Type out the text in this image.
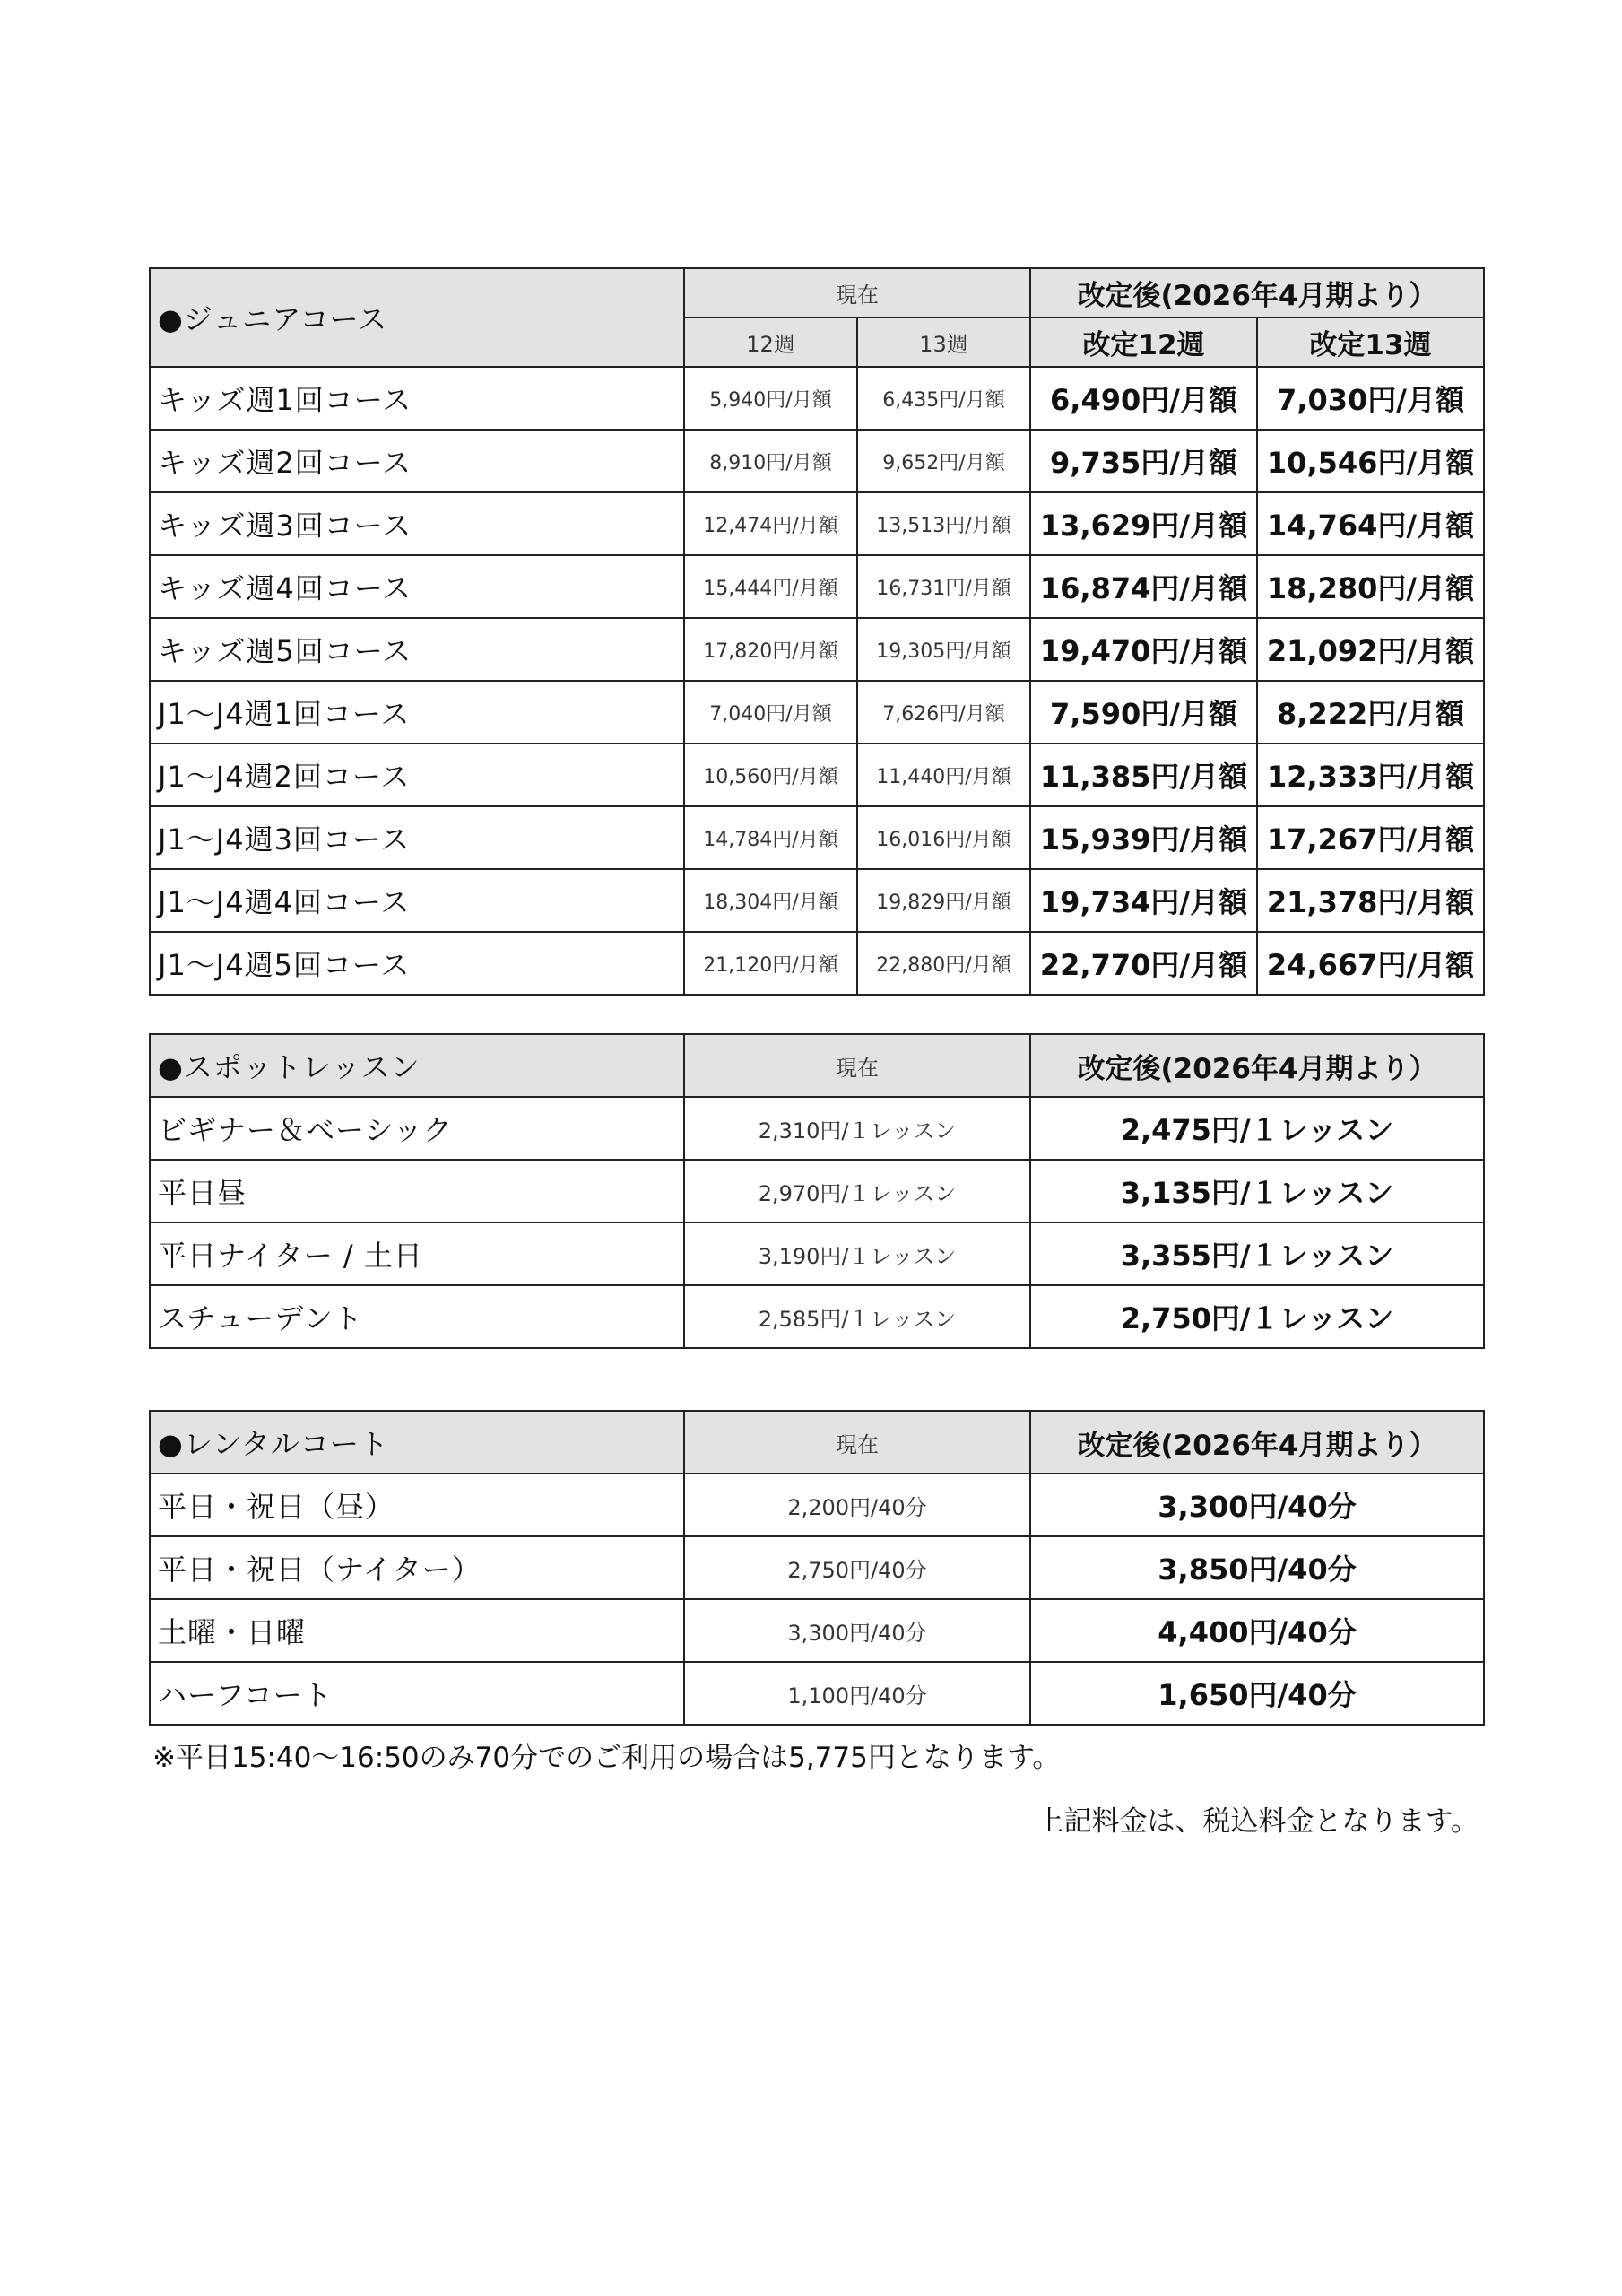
●ジュニアコース	現在		改定後(2026年4月期より）	
	12週	13週	改定12週	改定13週
キッズ週1回コース	5,940円/月額	6,435円/月額	6,490円/月額	7,030円/月額
キッズ週2回コース	8,910円/月額	9,652円/月額	9,735円/月額	10,546円/月額
キッズ週3回コース	12,474円/月額	13,513円/月額	13,629円/月額	14,764円/月額
キッズ週4回コース	15,444円/月額	16,731円/月額	16,874円/月額	18,280円/月額
キッズ週5回コース	17,820円/月額	19,305円/月額	19,470円/月額	21,092円/月額
J1～J4週1回コース	7,040円/月額	7,626円/月額	7,590円/月額	8,222円/月額
J1～J4週2回コース	10,560円/月額	11,440円/月額	11,385円/月額	12,333円/月額
J1～J4週3回コース	14,784円/月額	16,016円/月額	15,939円/月額	17,267円/月額
J1～J4週4回コース	18,304円/月額	19,829円/月額	19,734円/月額	21,378円/月額
J1～J4週5回コース	21,120円/月額	22,880円/月額	22,770円/月額	24,667円/月額
●スポットレッスン	現在	改定後(2026年4月期より）
ビギナー＆ベーシック	2,310円/１レッスン	2,475円/１レッスン
平日昼	2,970円/１レッスン	3,135円/１レッスン
平日ナイター / 土日	3,190円/１レッスン	3,355円/１レッスン
スチューデント	2,585円/１レッスン	2,750円/１レッスン
●レンタルコート	現在	改定後(2026年4月期より）
平日・祝日（昼）	2,200円/40分	3,300円/40分
平日・祝日（ナイター）	2,750円/40分	3,850円/40分
土曜・日曜	3,300円/40分	4,400円/40分
ハーフコート	1,100円/40分	1,650円/40分
※平日15:40～16:50のみ70分でのご利用の場合は5,775円となります。
上記料金は、税込料金となります。
